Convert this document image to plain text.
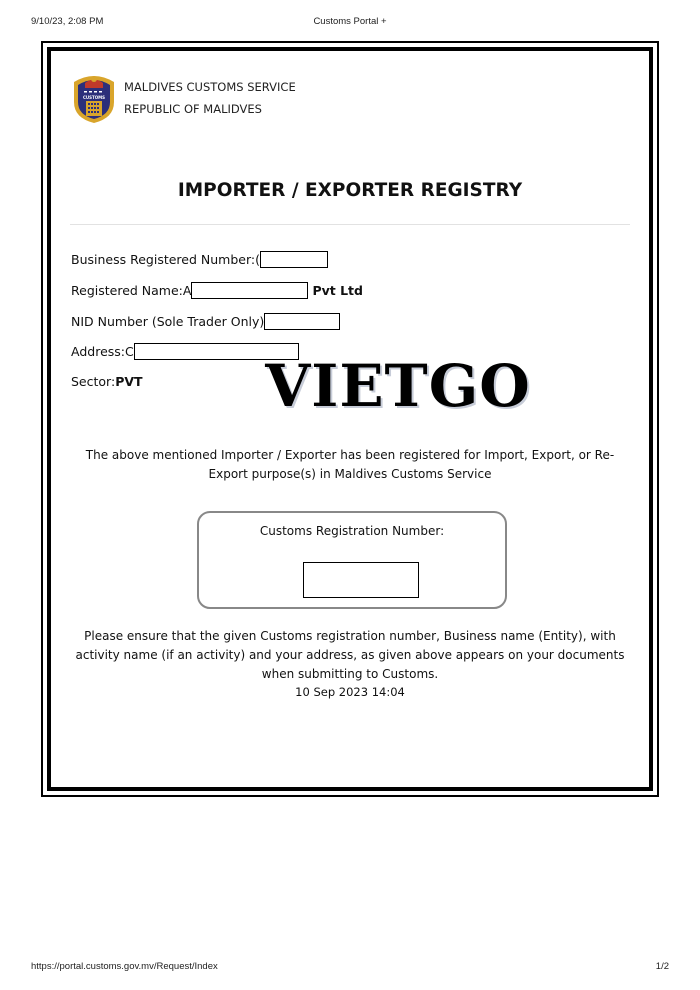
Customs Portal +
9/10/23, 2:08 PM
CUSTOMS
MALDIVES CUSTOMS SERVICE
REPUBLIC OF MALIDVES
IMPORTER / EXPORTER REGISTRY
Business Registered Number:(
Registered Name:A	Pvt Ltd
NID Number (Sole Trader Only)
Address:C
Sector:PVT VIETGO
The above mentioned Importer / Exporter has been registered for Import, Export, or Re-Export purpose(s) in Maldives Customs Service
Customs Registration Number:
Please ensure that the given Customs registration number, Business name (Entity), with activity name (if an activity) and your address, as given above appears on your documents when submitting to Customs.
10 Sep 2023 14:04
https://portal.customs.gov.mv/Request/Index	1/2
